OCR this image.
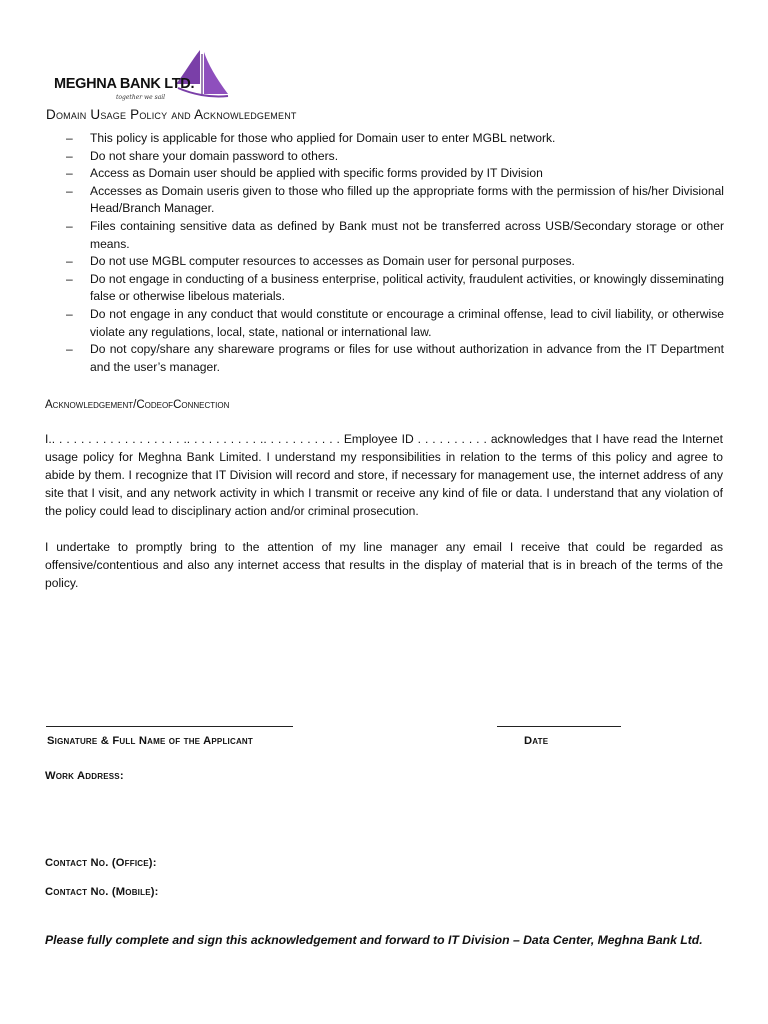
MEGHNA BANK LTD.
together we sail
Domain Usage Policy and Acknowledgement
– This policy is applicable for those who applied for Domain user to enter MGBL network.
– Do not share your domain password to others.
– Access as Domain user should be applied with specific forms provided by IT Division
– Accesses as Domain useris given to those who filled up the appropriate forms with the permission of his/her Divisional Head/Branch Manager.
– Files containing sensitive data as defined by Bank must not be transferred across USB/Secondary storage or other means.
– Do not use MGBL computer resources to accesses as Domain user for personal purposes.
– Do not engage in conducting of a business enterprise, political activity, fraudulent activities, or knowingly disseminating false or otherwise libelous materials.
– Do not engage in any conduct that would constitute or encourage a criminal offense, lead to civil liability, or otherwise violate any regulations, local, state, national or international law.
– Do not copy/share any shareware programs or files for use without authorization in advance from the IT Department and the user’s manager.
Acknowledgement/CodeofConnection

I.. . . . . . . . . . . . . . . . . . .. . . . . . . . . . .. . . . . . . . . . . Employee ID . . . . . . . . . . acknowledges that I have read the Internet usage policy for Meghna Bank Limited. I understand my responsibilities in relation to the terms of this policy and agree to abide by them. I recognize that IT Division will record and store, if necessary for management use, the internet address of any site that I visit, and any network activity in which I transmit or receive any kind of file or data. I understand that any violation of the policy could lead to disciplinary action and/or criminal prosecution.

I undertake to promptly bring to the attention of my line manager any email I receive that could be regarded as offensive/contentious and also any internet access that results in the display of material that is in breach of the terms of the policy.

Signature & Full Name of the Applicant	Date
Work Address:
Contact No. (Office):
Contact No. (Mobile):
Please fully complete and sign this acknowledgement and forward to IT Division – Data Center, Meghna Bank Ltd.
